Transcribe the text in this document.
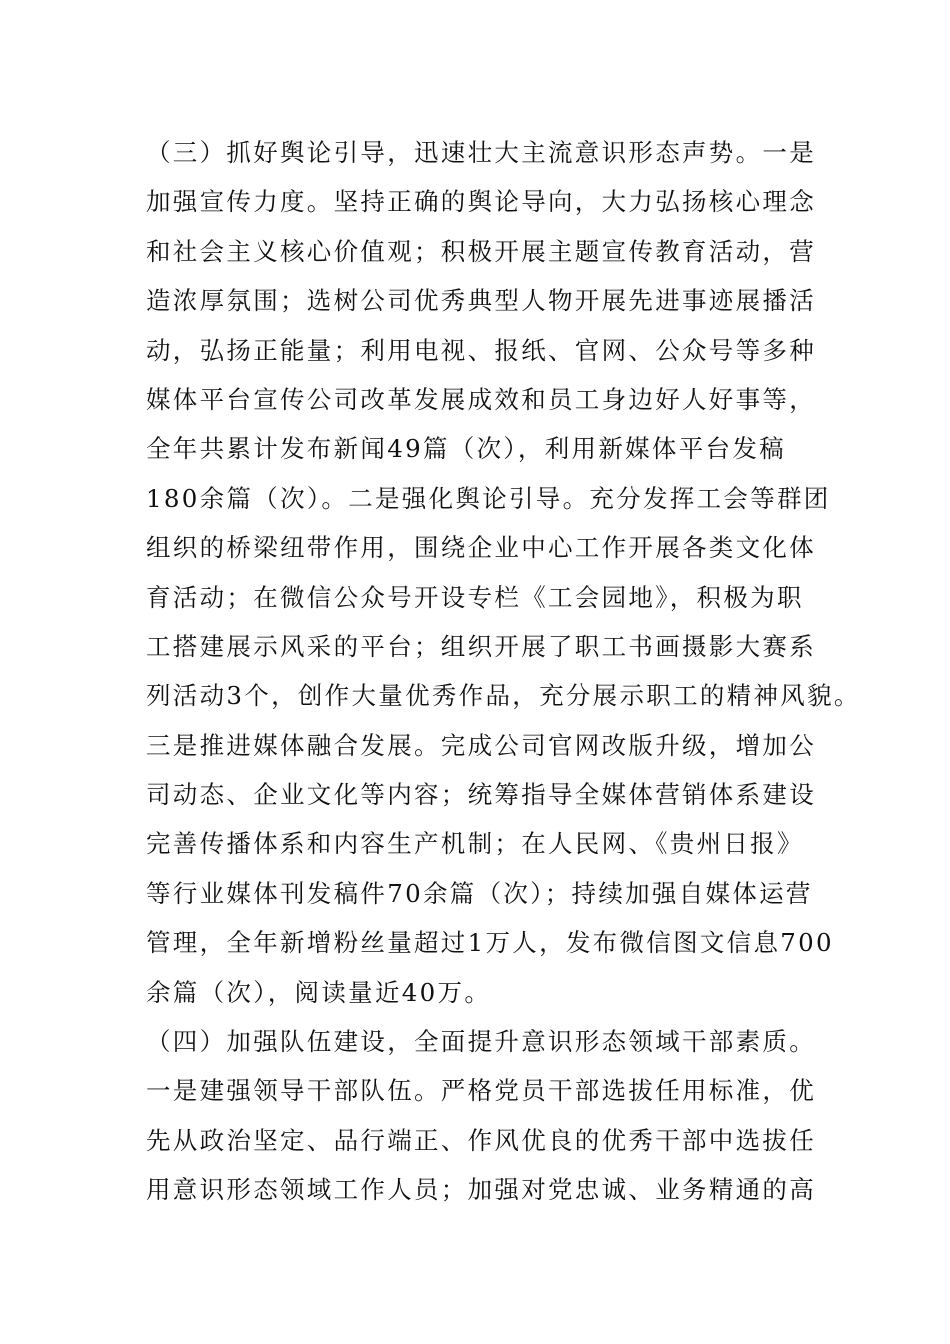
（三）抓好舆论引导，迅速壮大主流意识形态声势。一是
加强宣传力度。坚持正确的舆论导向，大力弘扬核心理念
和社会主义核心价值观；积极开展主题宣传教育活动，营
造浓厚氛围；选树公司优秀典型人物开展先进事迹展播活
动，弘扬正能量；利用电视、报纸、官网、公众号等多种
媒体平台宣传公司改革发展成效和员工身边好人好事等，
全年共累计发布新闻49篇（次），利用新媒体平台发稿
180余篇（次）。二是强化舆论引导。充分发挥工会等群团
组织的桥梁纽带作用，围绕企业中心工作开展各类文化体
育活动；在微信公众号开设专栏《工会园地》，积极为职
工搭建展示风采的平台；组织开展了职工书画摄影大赛系
列活动3个，创作大量优秀作品，充分展示职工的精神风貌。
三是推进媒体融合发展。完成公司官网改版升级，增加公
司动态、企业文化等内容；统筹指导全媒体营销体系建设
完善传播体系和内容生产机制；在人民网、《贵州日报》
等行业媒体刊发稿件70余篇（次）；持续加强自媒体运营
管理，全年新增粉丝量超过1万人，发布微信图文信息700
余篇（次），阅读量近40万。
（四）加强队伍建设，全面提升意识形态领域干部素质。
一是建强领导干部队伍。严格党员干部选拔任用标准，优
先从政治坚定、品行端正、作风优良的优秀干部中选拔任
用意识形态领域工作人员；加强对党忠诚、业务精通的高
